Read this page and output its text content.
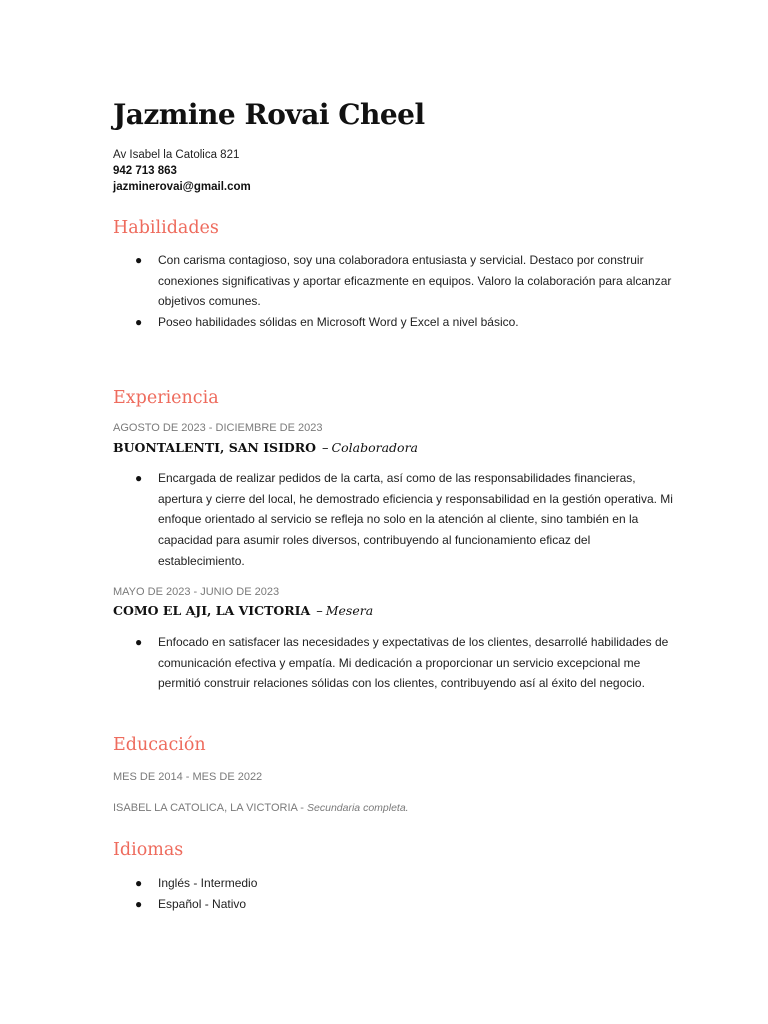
Jazmine Rovai Cheel
Av Isabel la Catolica 821
942 713 863
jazminerovai@gmail.com
Habilidades
● Con carisma contagioso, soy una colaboradora entusiasta y servicial. Destaco por construir conexiones significativas y aportar eficazmente en equipos. Valoro la colaboración para alcanzar objetivos comunes.
● Poseo habilidades sólidas en Microsoft Word y Excel a nivel básico.
Experiencia
AGOSTO DE 2023 - DICIEMBRE DE 2023
BUONTALENTI, SAN ISIDRO – Colaboradora
● Encargada de realizar pedidos de la carta, así como de las responsabilidades financieras, apertura y cierre del local, he demostrado eficiencia y responsabilidad en la gestión operativa. Mi enfoque orientado al servicio se refleja no solo en la atención al cliente, sino también en la capacidad para asumir roles diversos, contribuyendo al funcionamiento eficaz del establecimiento.
MAYO DE 2023 - JUNIO DE 2023
COMO EL AJI, LA VICTORIA – Mesera
● Enfocado en satisfacer las necesidades y expectativas de los clientes, desarrollé habilidades de comunicación efectiva y empatía. Mi dedicación a proporcionar un servicio excepcional me permitió construir relaciones sólidas con los clientes, contribuyendo así al éxito del negocio.
Educación
MES DE 2014 - MES DE 2022
ISABEL LA CATOLICA, LA VICTORIA - Secundaria completa.
Idiomas
● Inglés - Intermedio
● Español - Nativo
